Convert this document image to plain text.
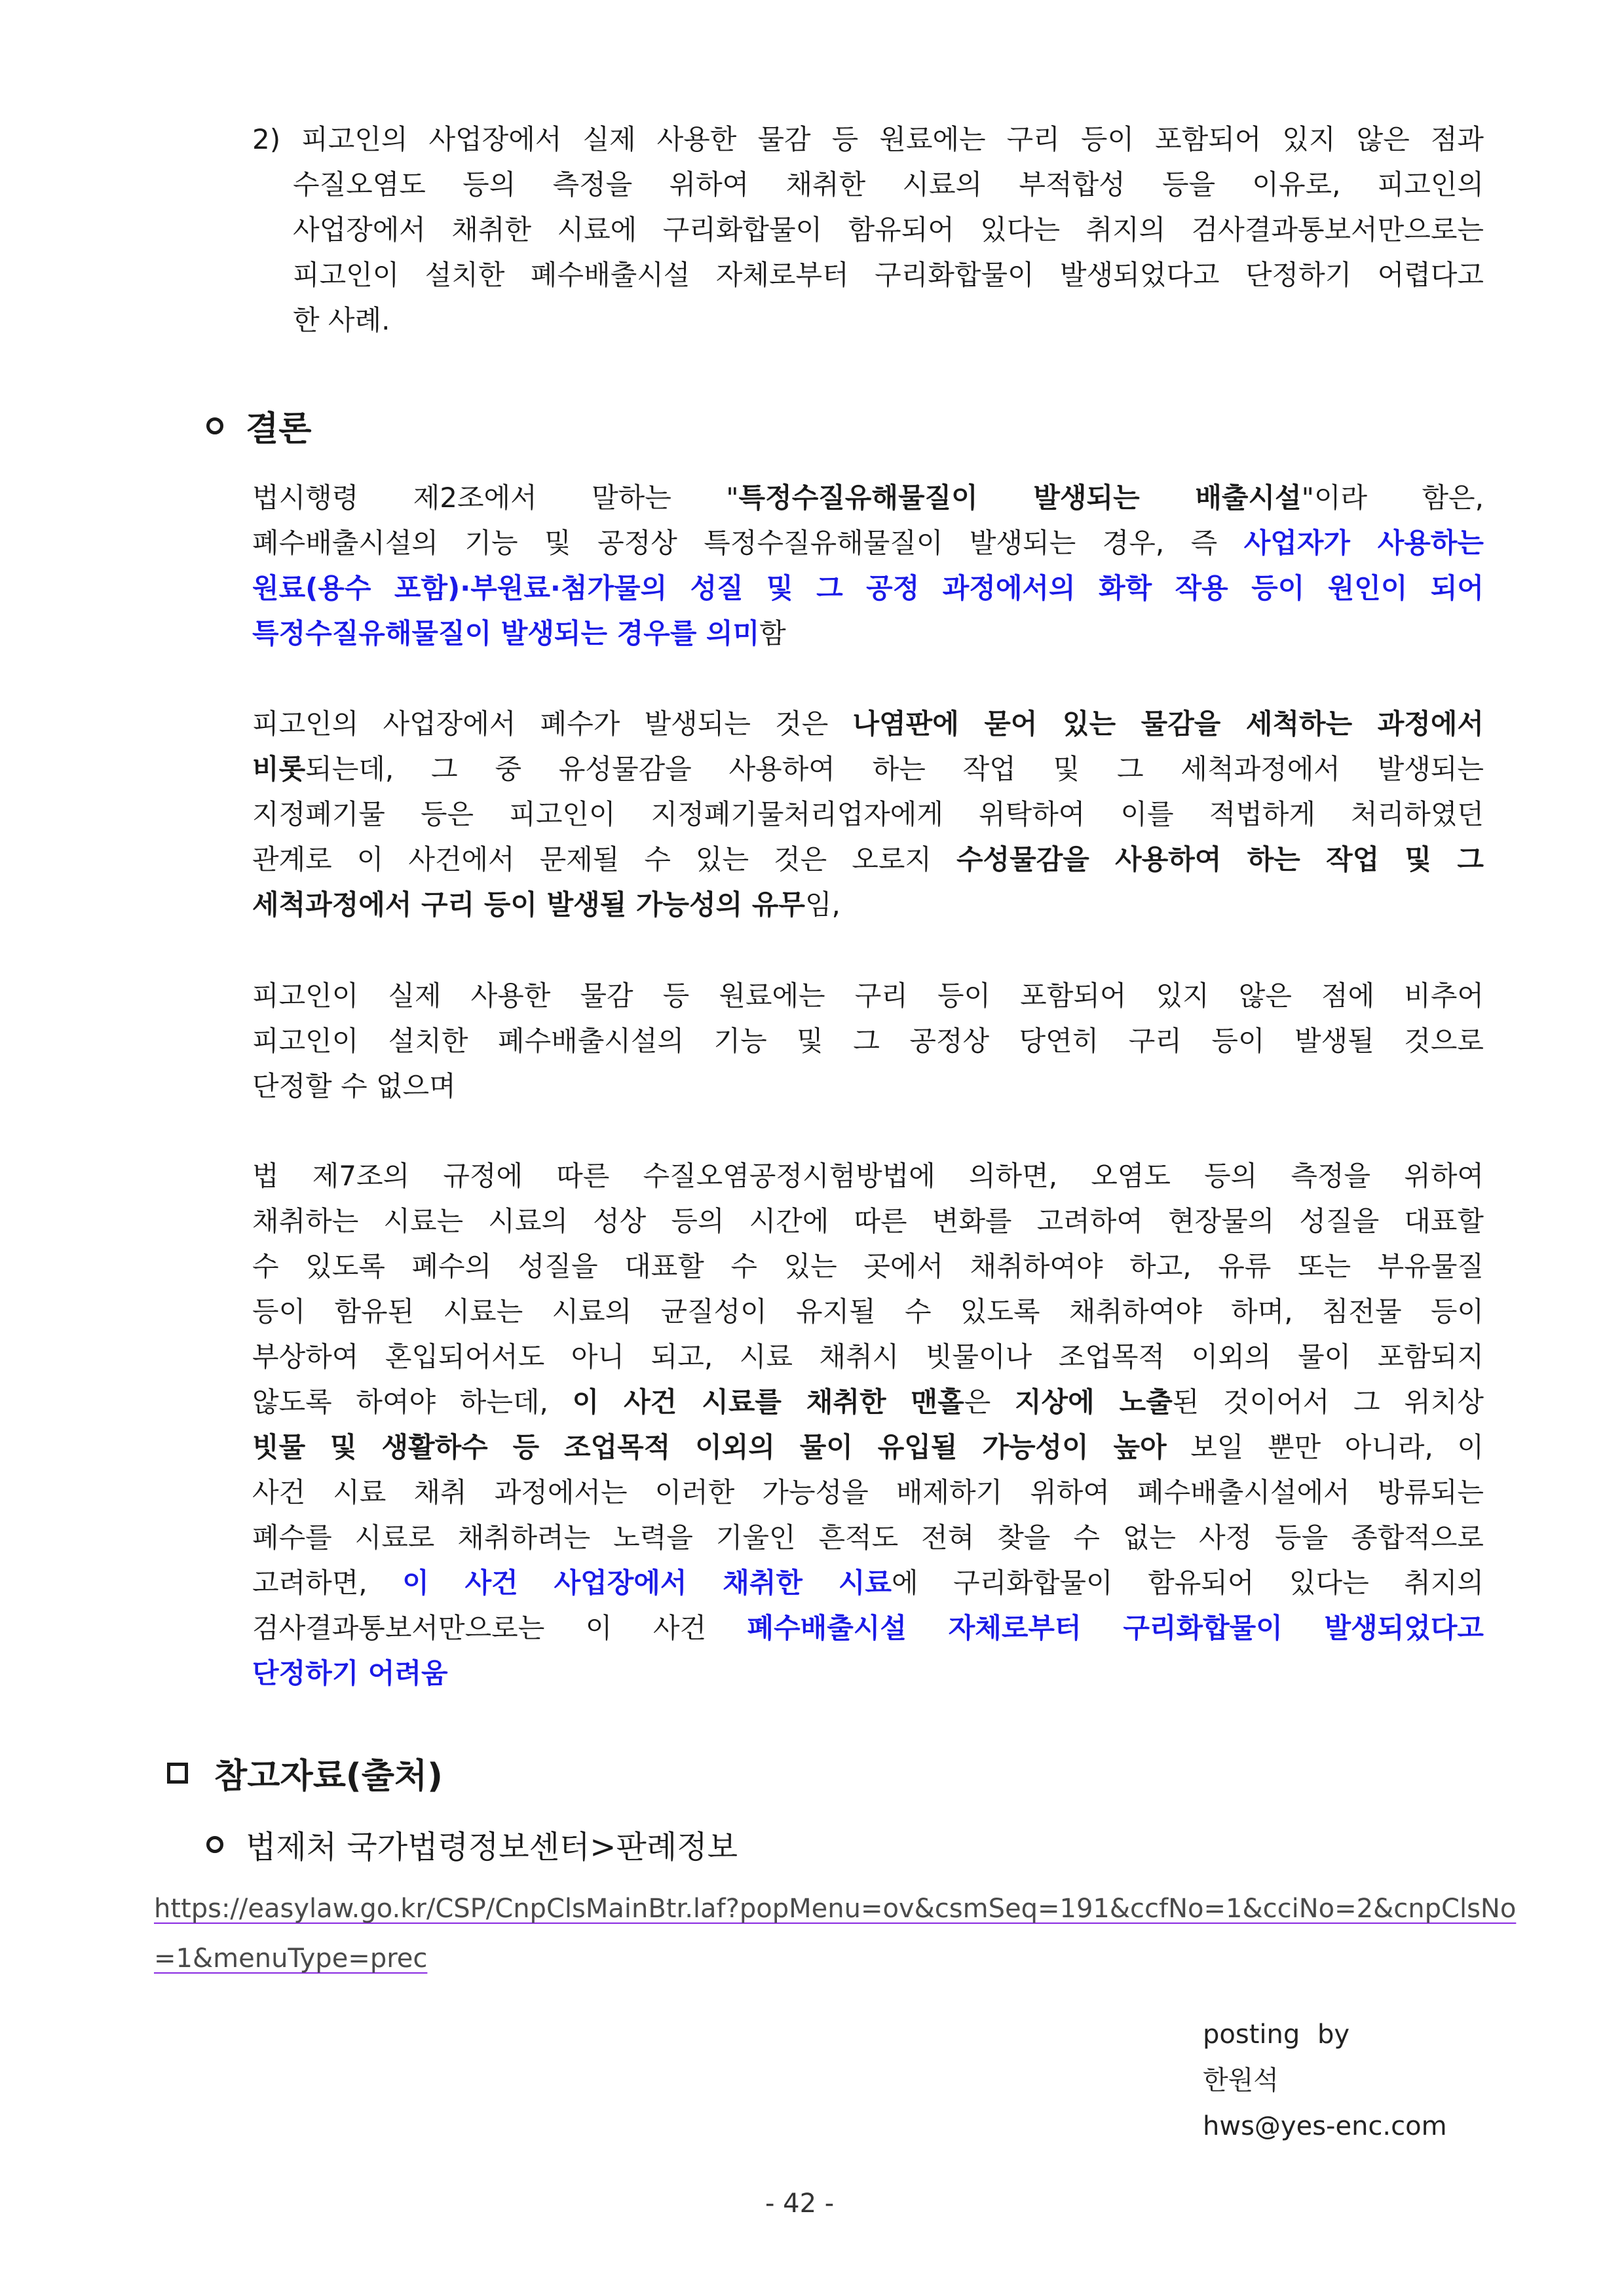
2) 피고인의 사업장에서 실제 사용한 물감 등 원료에는 구리 등이 포함되어 있지 않은 점과
수질오염도 등의 측정을 위하여 채취한 시료의 부적합성 등을 이유로, 피고인의
사업장에서 채취한 시료에 구리화합물이 함유되어 있다는 취지의 검사결과통보서만으로는
피고인이 설치한 폐수배출시설 자체로부터 구리화합물이 발생되었다고 단정하기 어렵다고
한 사례.
결론
법시행령 제2조에서 말하는 "특정수질유해물질이 발생되는 배출시설"이라 함은,
폐수배출시설의 기능 및 공정상 특정수질유해물질이 발생되는 경우, 즉 사업자가 사용하는
원료(용수 포함)·부원료·첨가물의 성질 및 그 공정 과정에서의 화학 작용 등이 원인이 되어
특정수질유해물질이 발생되는 경우를 의미함
피고인의 사업장에서 폐수가 발생되는 것은 나염판에 묻어 있는 물감을 세척하는 과정에서
비롯되는데, 그 중 유성물감을 사용하여 하는 작업 및 그 세척과정에서 발생되는
지정폐기물 등은 피고인이 지정폐기물처리업자에게 위탁하여 이를 적법하게 처리하였던
관계로 이 사건에서 문제될 수 있는 것은 오로지 수성물감을 사용하여 하는 작업 및 그
세척과정에서 구리 등이 발생될 가능성의 유무임,
피고인이 실제 사용한 물감 등 원료에는 구리 등이 포함되어 있지 않은 점에 비추어
피고인이 설치한 폐수배출시설의 기능 및 그 공정상 당연히 구리 등이 발생될 것으로
단정할 수 없으며
법 제7조의 규정에 따른 수질오염공정시험방법에 의하면, 오염도 등의 측정을 위하여
채취하는 시료는 시료의 성상 등의 시간에 따른 변화를 고려하여 현장물의 성질을 대표할
수 있도록 폐수의 성질을 대표할 수 있는 곳에서 채취하여야 하고, 유류 또는 부유물질
등이 함유된 시료는 시료의 균질성이 유지될 수 있도록 채취하여야 하며, 침전물 등이
부상하여 혼입되어서도 아니 되고, 시료 채취시 빗물이나 조업목적 이외의 물이 포함되지
않도록 하여야 하는데, 이 사건 시료를 채취한 맨홀은 지상에 노출된 것이어서 그 위치상
빗물 및 생활하수 등 조업목적 이외의 물이 유입될 가능성이 높아 보일 뿐만 아니라, 이
사건 시료 채취 과정에서는 이러한 가능성을 배제하기 위하여 폐수배출시설에서 방류되는
폐수를 시료로 채취하려는 노력을 기울인 흔적도 전혀 찾을 수 없는 사정 등을 종합적으로
고려하면, 이 사건 사업장에서 채취한 시료에 구리화합물이 함유되어 있다는 취지의
검사결과통보서만으로는 이 사건 폐수배출시설 자체로부터 구리화합물이 발생되었다고
단정하기 어려움
참고자료(출처)
법제처 국가법령정보센터>판례정보
https://easylaw.go.kr/CSP/CnpClsMainBtr.laf?popMenu=ov&csmSeq=191&ccfNo=1&cciNo=2&cnpClsNo
=1&menuType=prec
posting by
한원석
hws@yes-enc.com
- 42 -
